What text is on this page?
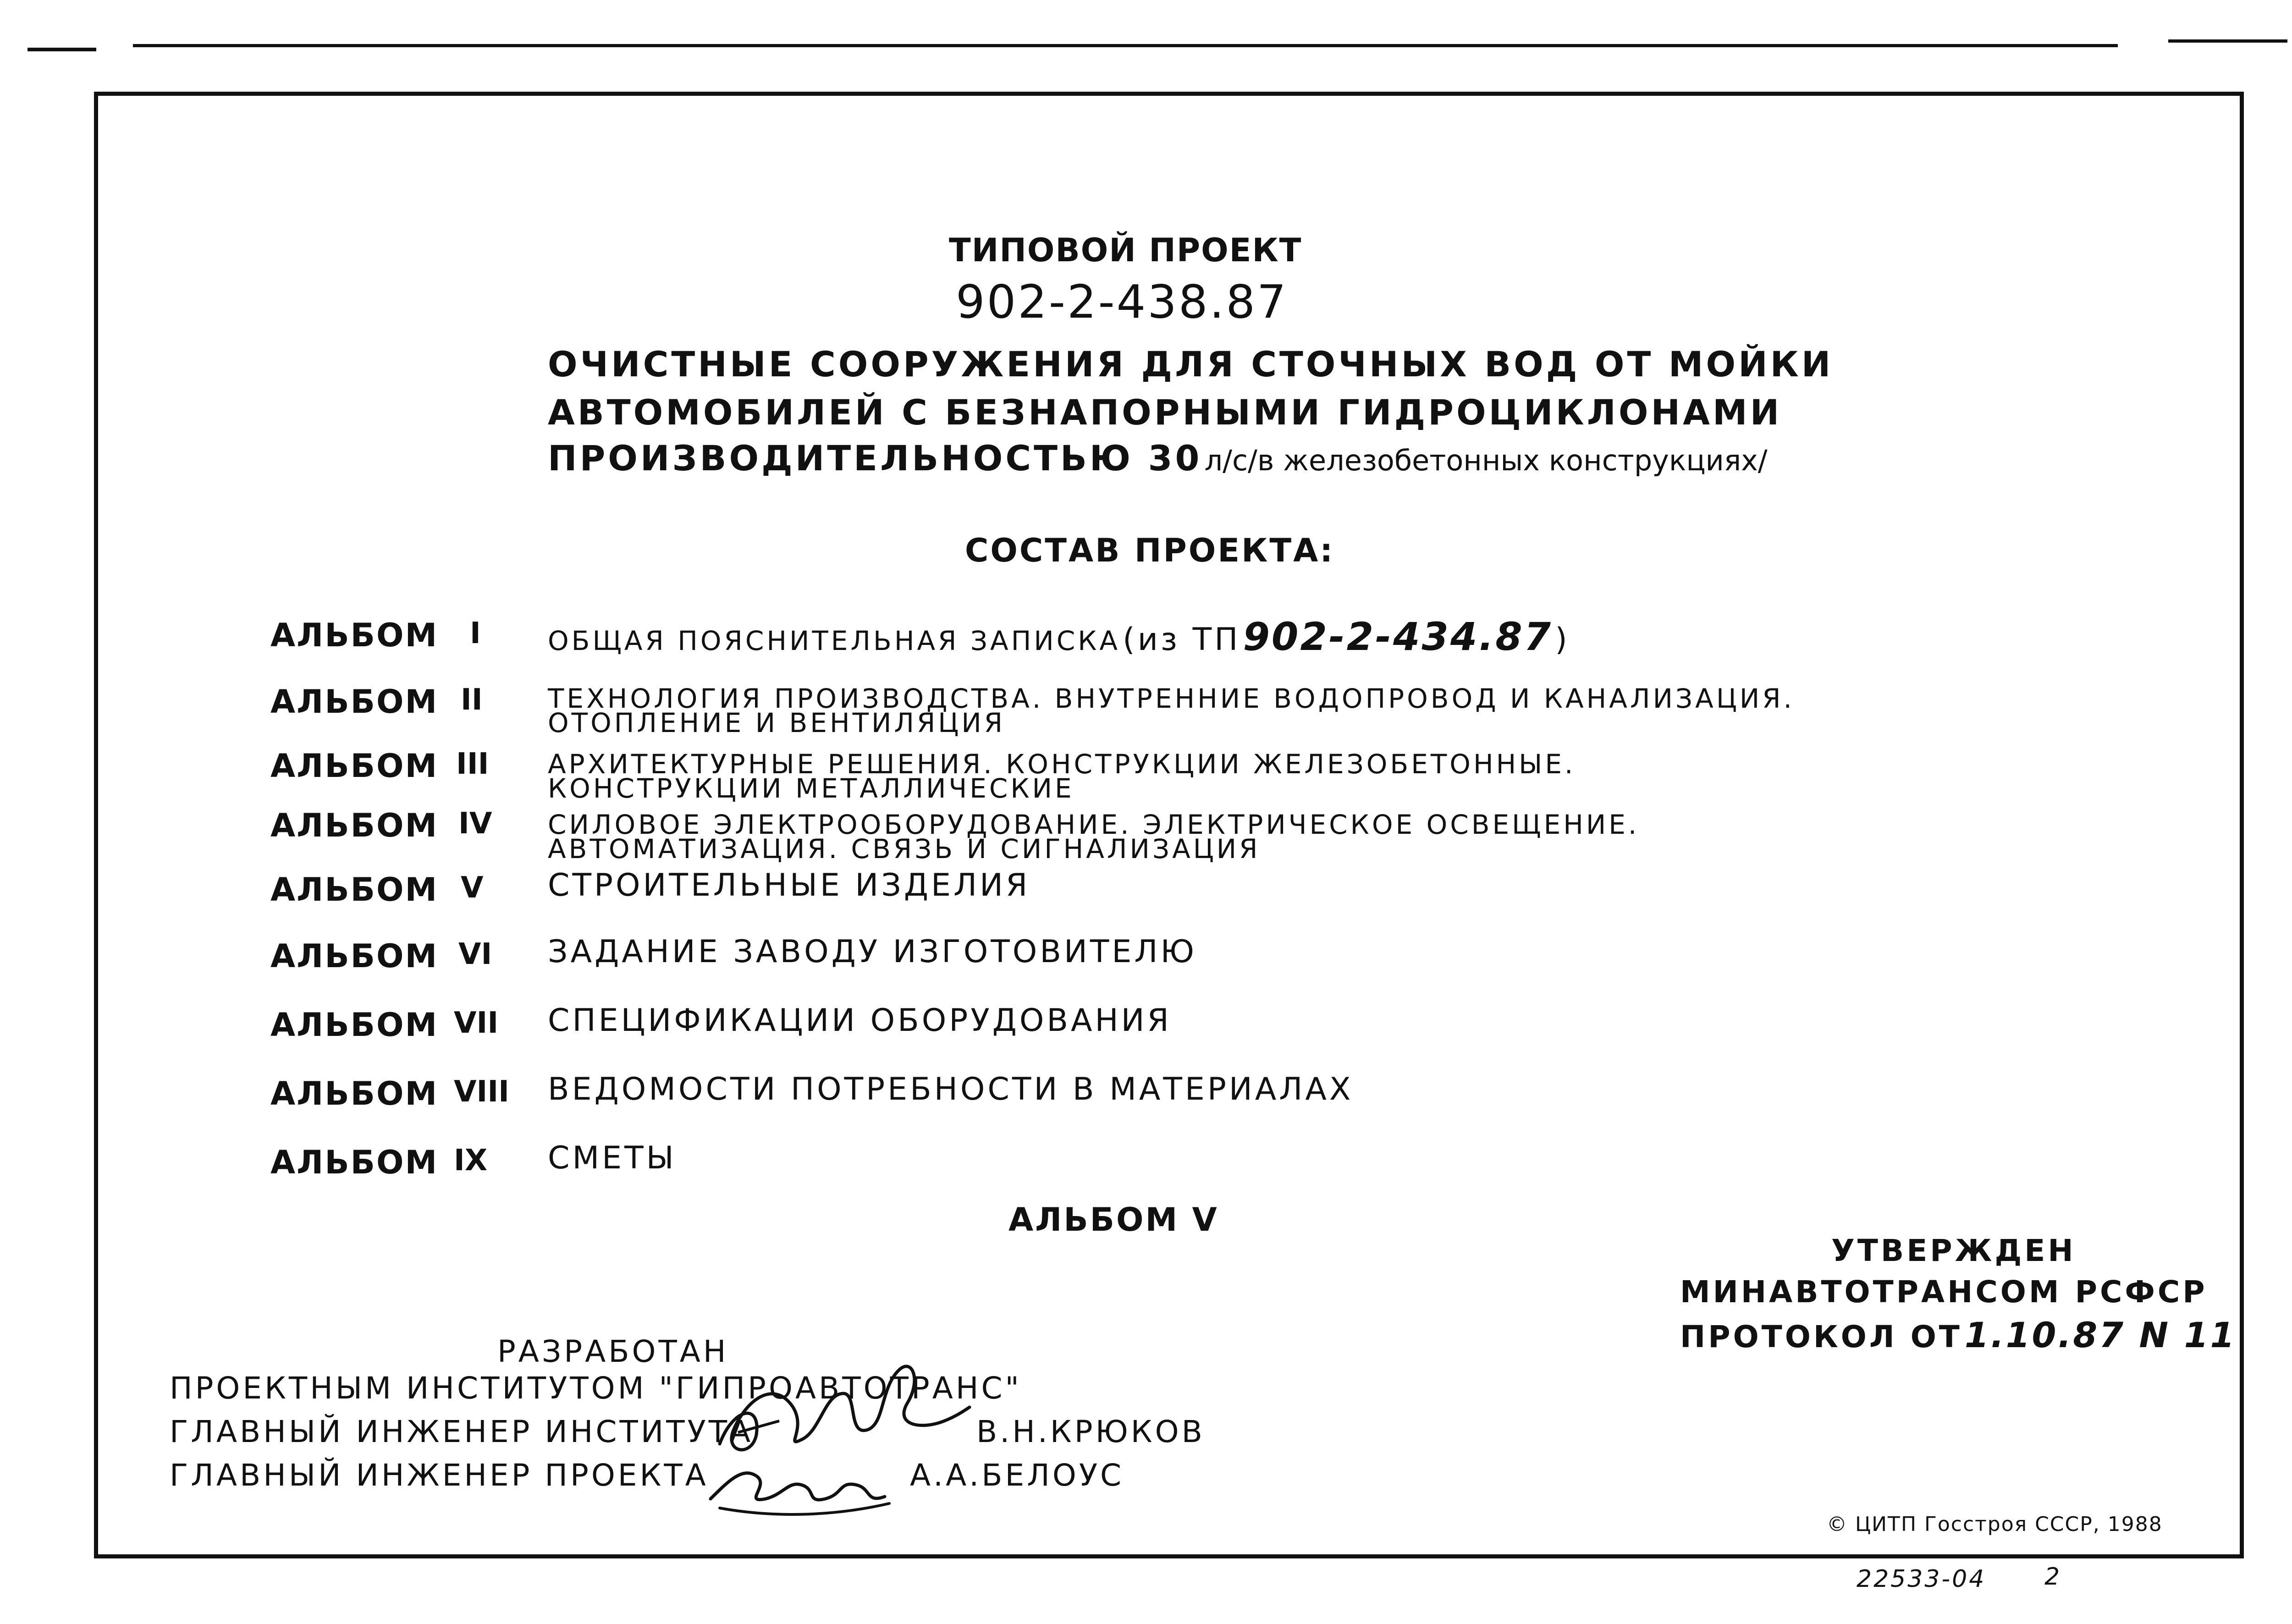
ТИПОВОЙ ПРОЕКТ
902-2-438.87
ОЧИСТНЫЕ СООРУЖЕНИЯ ДЛЯ СТОЧНЫХ ВОД ОТ МОЙКИ
АВТОМОБИЛЕЙ С БЕЗНАПОРНЫМИ ГИДРОЦИКЛОНАМИ
ПРОИЗВОДИТЕЛЬНОСТЬЮ 30 л/с/в железобетонных конструкциях/
СОСТАВ ПРОЕКТА:
АЛЬБОМ I	ОБЩАЯ ПОЯСНИТЕЛЬНАЯ ЗАПИСКА (из ТП 902-2-434.87 )
АЛЬБОМ II ТЕХНОЛОГИЯ ПРОИЗВОДСТВА. ВНУТРЕННИЕ ВОДОПРОВОД И КАНАЛИЗАЦИЯ.
ОТОПЛЕНИЕ И ВЕНТИЛЯЦИЯ
АЛЬБОМ III АРХИТЕКТУРНЫЕ РЕШЕНИЯ. КОНСТРУКЦИИ ЖЕЛЕЗОБЕТОННЫЕ.
КОНСТРУКЦИИ МЕТАЛЛИЧЕСКИЕ
АЛЬБОМ IV СИЛОВОЕ ЭЛЕКТРООБОРУДОВАНИЕ. ЭЛЕКТРИЧЕСКОЕ ОСВЕЩЕНИЕ.
АВТОМАТИЗАЦИЯ. СВЯЗЬ И СИГНАЛИЗАЦИЯ
АЛЬБОМ V СТРОИТЕЛЬНЫЕ ИЗДЕЛИЯ
АЛЬБОМ VI ЗАДАНИЕ ЗАВОДУ ИЗГОТОВИТЕЛЮ
АЛЬБОМ VII СПЕЦИФИКАЦИИ ОБОРУДОВАНИЯ
АЛЬБОМ VIII ВЕДОМОСТИ ПОТРЕБНОСТИ В МАТЕРИАЛАХ
АЛЬБОМ IX СМЕТЫ
АЛЬБОМ V
УТВЕРЖДЕН
МИНАВТОТРАНСОМ РСФСР
ПРОТОКОЛ ОТ 1.10.87 N 11
РАЗРАБОТАН
ПРОЕКТНЫМ ИНСТИТУТОМ "ГИПРОАВТОТРАНС"
ГЛАВНЫЙ ИНЖЕНЕР ИНСТИТУТА	В.Н.КРЮКОВ
ГЛАВНЫЙ ИНЖЕНЕР ПРОЕКТА	А.А.БЕЛОУС
© ЦИТП Госстроя СССР, 1988
22533-04 2
